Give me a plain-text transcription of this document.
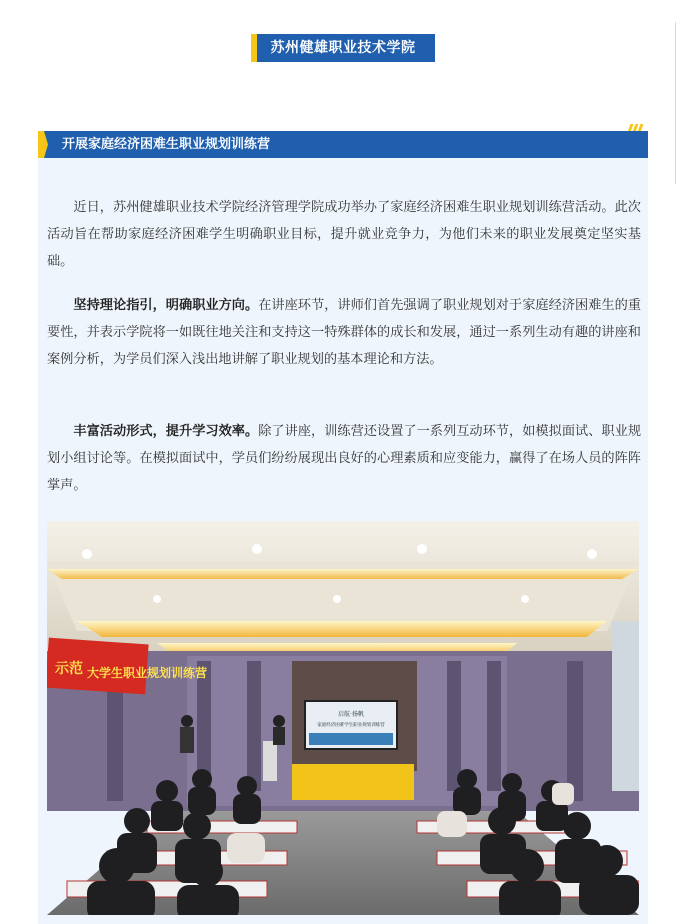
苏州健雄职业技术学院
开展家庭经济困难生职业规划训练营
近日，苏州健雄职业技术学院经济管理学院成功举办了家庭经济困难生职业规划训练营活动。此次活动旨在帮助家庭经济困难学生明确职业目标，提升就业竞争力，为他们未来的职业发展奠定坚实基础。
坚持理论指引，明确职业方向。在讲座环节，讲师们首先强调了职业规划对于家庭经济困难生的重要性，并表示学院将一如既往地关注和支持这一特殊群体的成长和发展，通过一系列生动有趣的讲座和案例分析，为学员们深入浅出地讲解了职业规划的基本理论和方法。
丰富活动形式，提升学习效率。除了讲座，训练营还设置了一系列互动环节，如模拟面试、职业规划小组讨论等。在模拟面试中，学员们纷纷展现出良好的心理素质和应变能力，赢得了在场人员的阵阵掌声。
示范 大学生职业规划训练营
启航·扬帆
家庭经济困难学生职业规划训练营
